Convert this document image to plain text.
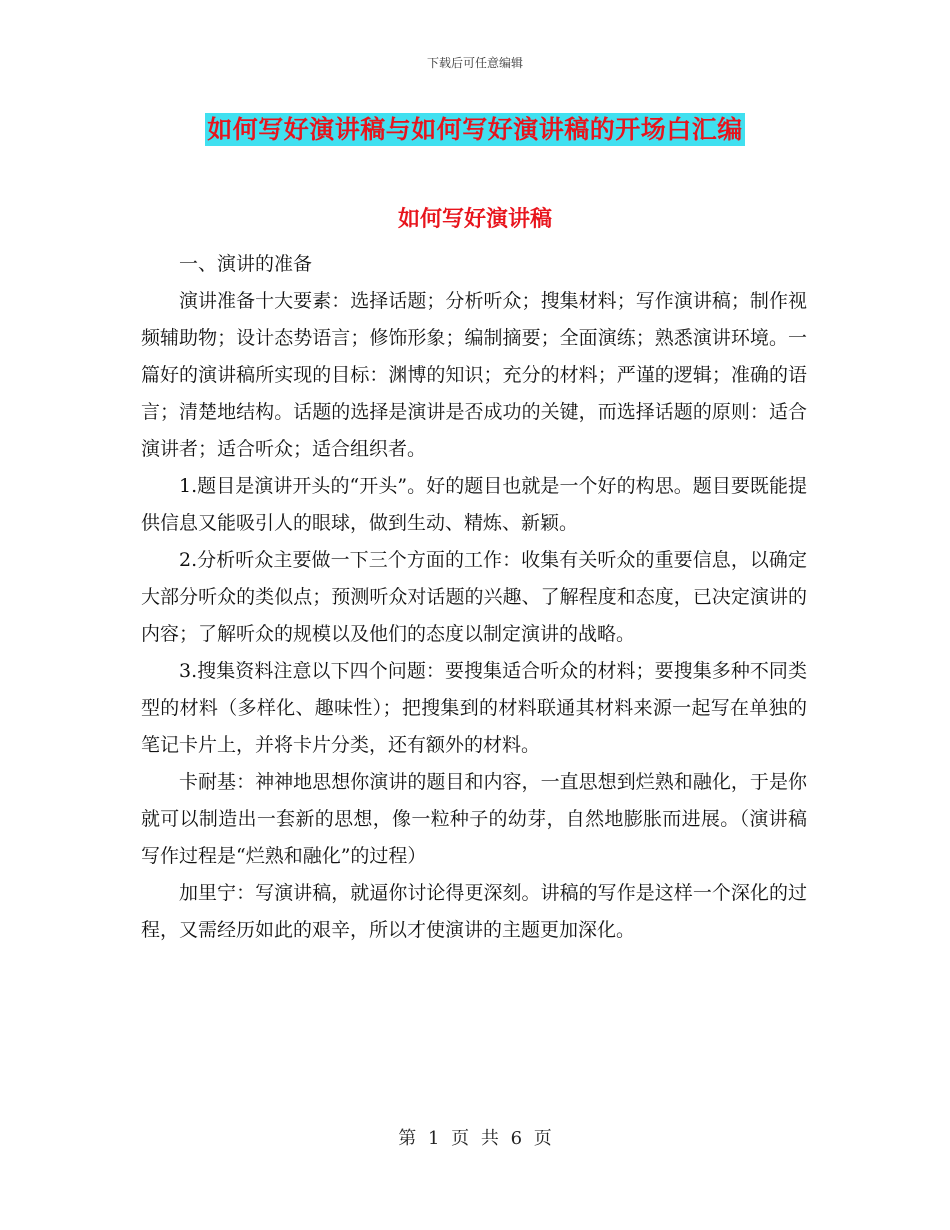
下载后可任意编辑
如何写好演讲稿与如何写好演讲稿的开场白汇编
如何写好演讲稿

一、演讲的准备

演讲准备十大要素：选择话题；分析听众；搜集材料；写作演讲稿；制作视频辅助物；设计态势语言；修饰形象；编制摘要；全面演练；熟悉演讲环境。一篇好的演讲稿所实现的目标：渊博的知识；充分的材料；严谨的逻辑；准确的语言；清楚地结构。话题的选择是演讲是否成功的关键，而选择话题的原则：适合演讲者；适合听众；适合组织者。

1.题目是演讲开头的“开头”。好的题目也就是一个好的构思。题目要既能提供信息又能吸引人的眼球，做到生动、精炼、新颖。

2.分析听众主要做一下三个方面的工作：收集有关听众的重要信息，以确定大部分听众的类似点；预测听众对话题的兴趣、了解程度和态度，已决定演讲的内容；了解听众的规模以及他们的态度以制定演讲的战略。

3.搜集资料注意以下四个问题：要搜集适合听众的材料；要搜集多种不同类型的材料（多样化、趣味性）；把搜集到的材料联通其材料来源一起写在单独的笔记卡片上，并将卡片分类，还有额外的材料。

卡耐基：神神地思想你演讲的题目和内容，一直思想到烂熟和融化，于是你就可以制造出一套新的思想，像一粒种子的幼芽，自然地膨胀而进展。（演讲稿写作过程是“烂熟和融化”的过程）

加里宁：写演讲稿，就逼你讨论得更深刻。讲稿的写作是这样一个深化的过程，又需经历如此的艰辛，所以才使演讲的主题更加深化。

第 1 页 共 6 页
